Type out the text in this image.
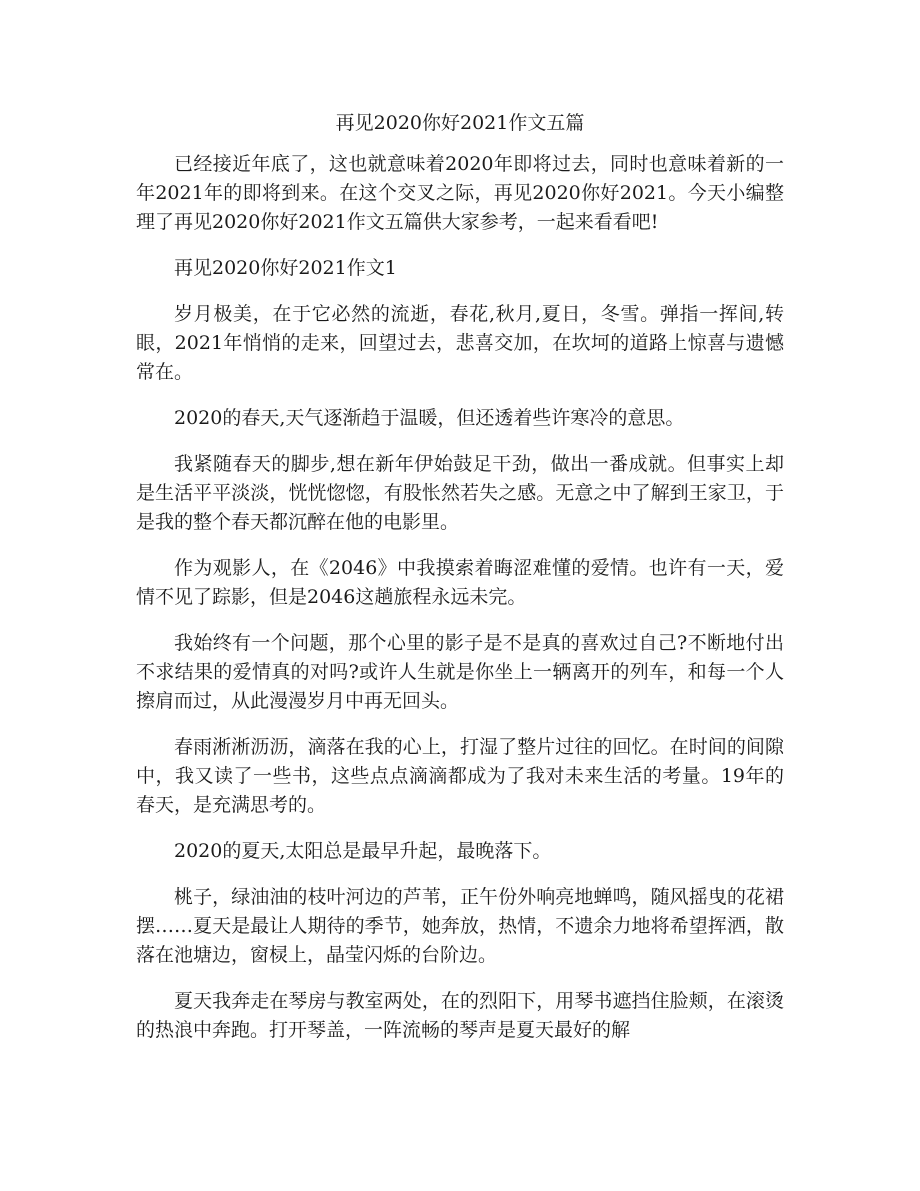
再见2020你好2021作文五篇

已经接近年底了，这也就意味着2020年即将过去，同时也意味着新的一年2021年的即将到来。在这个交叉之际，再见2020你好2021。今天小编整理了再见2020你好2021作文五篇供大家参考，一起来看看吧!

再见2020你好2021作文1

岁月极美，在于它必然的流逝，春花,秋月,夏日，冬雪。弹指一挥间,转眼，2021年悄悄的走来，回望过去，悲喜交加，在坎坷的道路上惊喜与遗憾常在。

2020的春天,天气逐渐趋于温暖，但还透着些许寒冷的意思。

我紧随春天的脚步,想在新年伊始鼓足干劲，做出一番成就。但事实上却是生活平平淡淡，恍恍惚惚，有股怅然若失之感。无意之中了解到王家卫，于是我的整个春天都沉醉在他的电影里。

作为观影人，在《2046》中我摸索着晦涩难懂的爱情。也许有一天，爱情不见了踪影，但是2046这趟旅程永远未完。

我始终有一个问题，那个心里的影子是不是真的喜欢过自己?不断地付出不求结果的爱情真的对吗?或许人生就是你坐上一辆离开的列车，和每一个人擦肩而过，从此漫漫岁月中再无回头。

春雨淅淅沥沥，滴落在我的心上，打湿了整片过往的回忆。在时间的间隙中，我又读了一些书，这些点点滴滴都成为了我对未来生活的考量。19年的春天，是充满思考的。

2020的夏天,太阳总是最早升起，最晚落下。

桃子，绿油油的枝叶河边的芦苇，正午份外响亮地蝉鸣，随风摇曳的花裙摆……夏天是最让人期待的季节，她奔放，热情，不遗余力地将希望挥洒，散落在池塘边，窗棂上，晶莹闪烁的台阶边。

夏天我奔走在琴房与教室两处，在的烈阳下，用琴书遮挡住脸颊，在滚烫的热浪中奔跑。打开琴盖，一阵流畅的琴声是夏天最好的解
